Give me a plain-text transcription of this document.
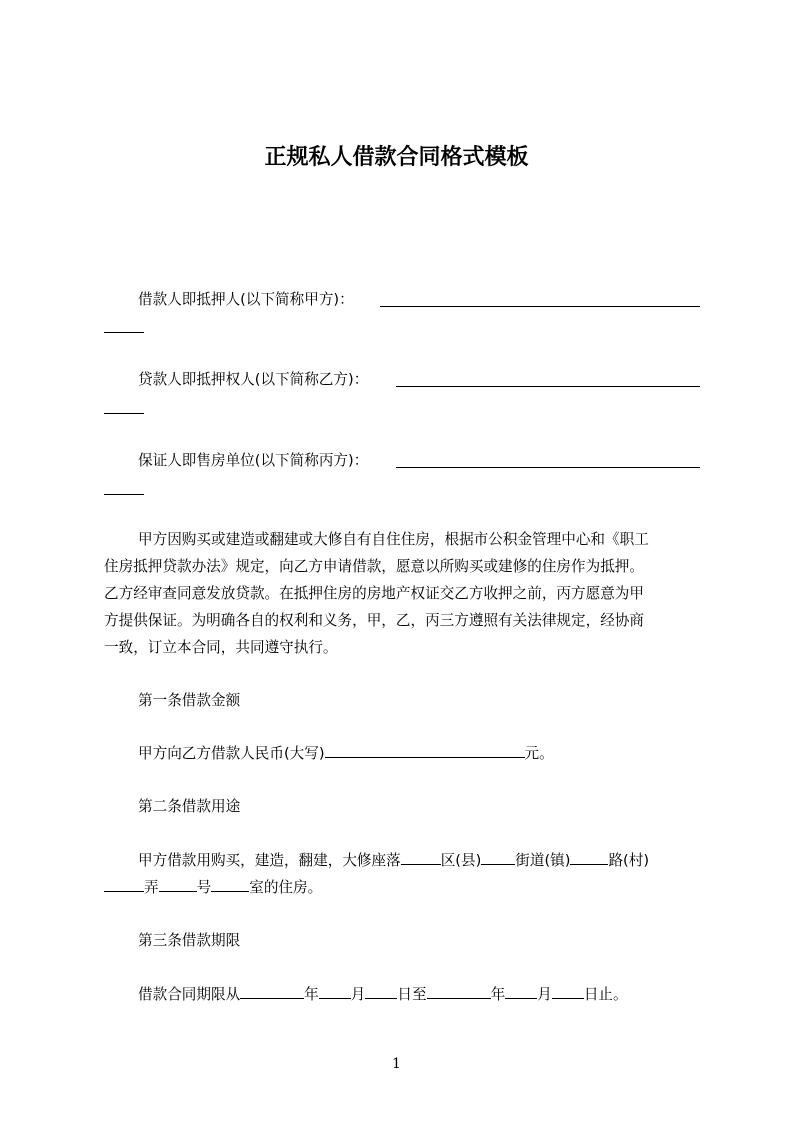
正规私人借款合同格式模板
借款人即抵押人(以下简称甲方)：
贷款人即抵押权人(以下简称乙方)：
保证人即售房单位(以下简称丙方)：
甲方因购买或建造或翻建或大修自有自住住房，根据市公积金管理中心和《职工
住房抵押贷款办法》规定，向乙方申请借款，愿意以所购买或建修的住房作为抵押。
乙方经审查同意发放贷款。在抵押住房的房地产权证交乙方收押之前，丙方愿意为甲
方提供保证。为明确各自的权利和义务，甲，乙，丙三方遵照有关法律规定，经协商
一致，订立本合同，共同遵守执行。
第一条借款金额
甲方向乙方借款人民币(大写)	元。
第二条借款用途
甲方借款用购买，建造，翻建，大修座落	区(县) 街道(镇)	路(村)
弄	号	室的住房。
第三条借款期限
借款合同期限从	年 月 日至	年 月 日止。
1
